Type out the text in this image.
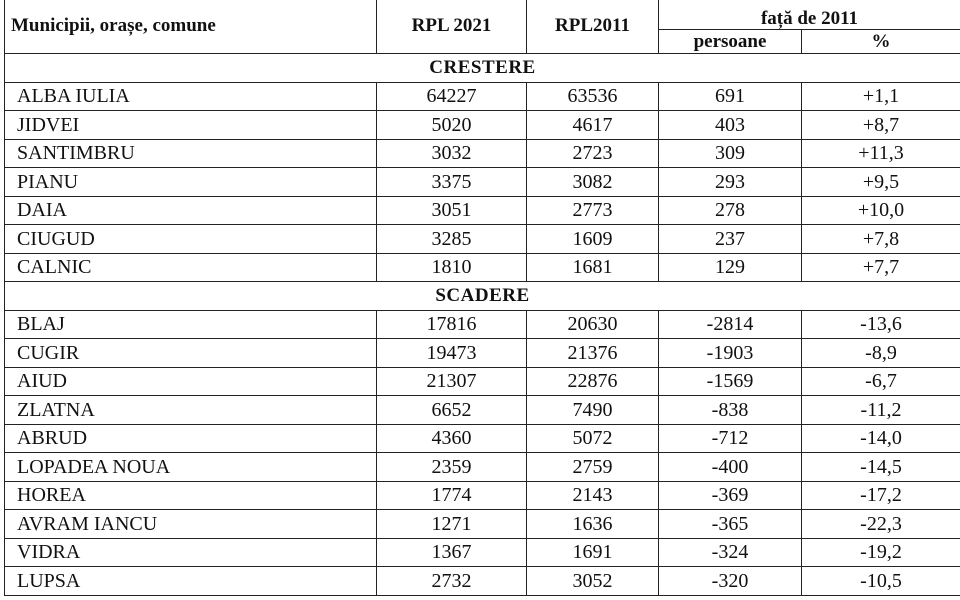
Municipii, orașe, comune	RPL 2021	RPL2011	față de 2011	
			persoane	%
CRESTERE				
ALBA IULIA	64227	63536	691	+1,1
JIDVEI	5020	4617	403	+8,7
SANTIMBRU	3032	2723	309	+11,3
PIANU	3375	3082	293	+9,5
DAIA	3051	2773	278	+10,0
CIUGUD	3285	1609	237	+7,8
CALNIC	1810	1681	129	+7,7
SCADERE				
BLAJ	17816	20630	-2814	-13,6
CUGIR	19473	21376	-1903	-8,9
AIUD	21307	22876	-1569	-6,7
ZLATNA	6652	7490	-838	-11,2
ABRUD	4360	5072	-712	-14,0
LOPADEA NOUA	2359	2759	-400	-14,5
HOREA	1774	2143	-369	-17,2
AVRAM IANCU	1271	1636	-365	-22,3
VIDRA	1367	1691	-324	-19,2
LUPSA	2732	3052	-320	-10,5
